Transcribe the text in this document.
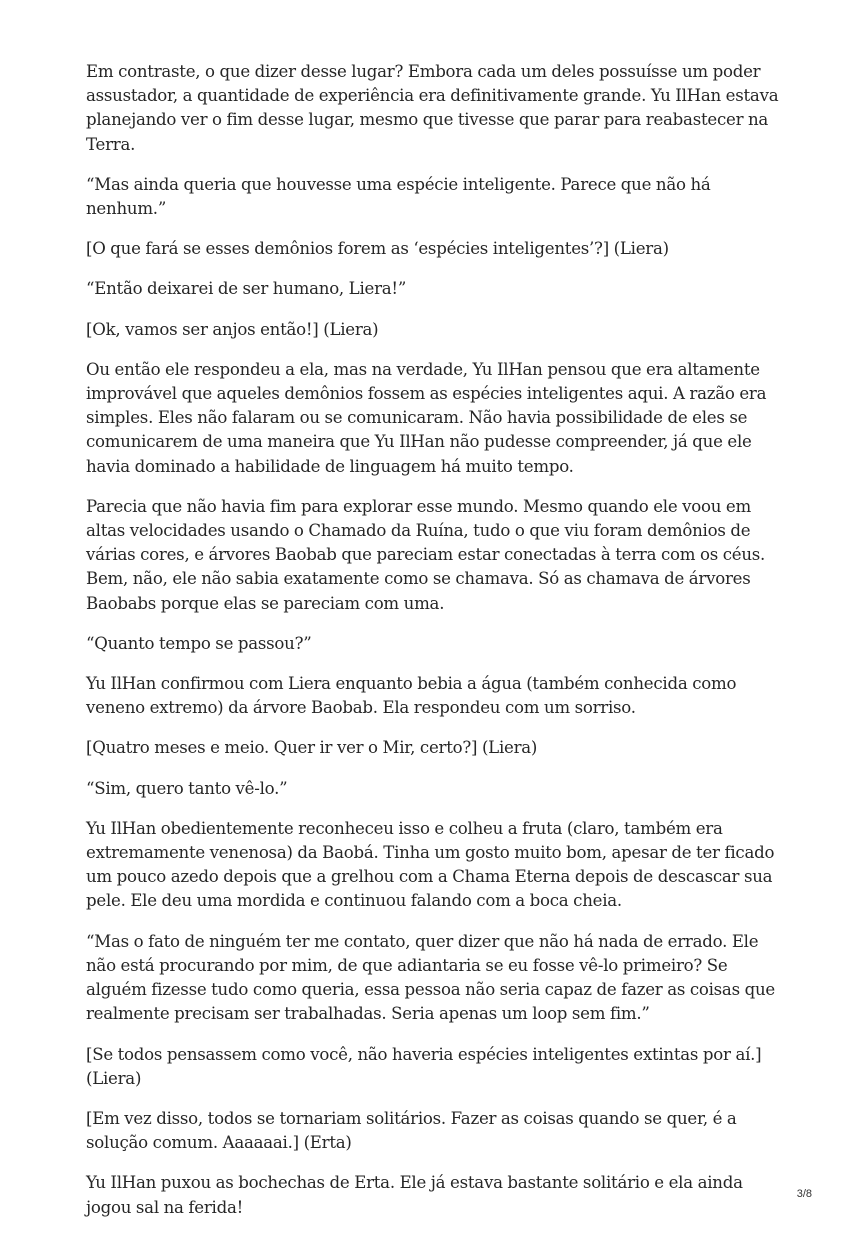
Em contraste, o que dizer desse lugar? Embora cada um deles possuísse um poder assustador, a quantidade de experiência era definitivamente grande. Yu IlHan estava planejando ver o fim desse lugar, mesmo que tivesse que parar para reabastecer na Terra.

“Mas ainda queria que houvesse uma espécie inteligente. Parece que não há nenhum.”

[O que fará se esses demônios forem as ‘espécies inteligentes’?] (Liera)

“Então deixarei de ser humano, Liera!”

[Ok, vamos ser anjos então!] (Liera)

Ou então ele respondeu a ela, mas na verdade, Yu IlHan pensou que era altamente improvável que aqueles demônios fossem as espécies inteligentes aqui. A razão era simples. Eles não falaram ou se comunicaram. Não havia possibilidade de eles se comunicarem de uma maneira que Yu IlHan não pudesse compreender, já que ele havia dominado a habilidade de linguagem há muito tempo.

Parecia que não havia fim para explorar esse mundo. Mesmo quando ele voou em altas velocidades usando o Chamado da Ruína, tudo o que viu foram demônios de várias cores, e árvores Baobab que pareciam estar conectadas à terra com os céus. Bem, não, ele não sabia exatamente como se chamava. Só as chamava de árvores Baobabs porque elas se pareciam com uma.

“Quanto tempo se passou?”

Yu IlHan confirmou com Liera enquanto bebia a água (também conhecida como veneno extremo) da árvore Baobab. Ela respondeu com um sorriso.

[Quatro meses e meio. Quer ir ver o Mir, certo?] (Liera)

“Sim, quero tanto vê-lo.”

Yu IlHan obedientemente reconheceu isso e colheu a fruta (claro, também era extremamente venenosa) da Baobá. Tinha um gosto muito bom, apesar de ter ficado um pouco azedo depois que a grelhou com a Chama Eterna depois de descascar sua pele. Ele deu uma mordida e continuou falando com a boca cheia.

“Mas o fato de ninguém ter me contato, quer dizer que não há nada de errado. Ele não está procurando por mim, de que adiantaria se eu fosse vê-lo primeiro? Se alguém fizesse tudo como queria, essa pessoa não seria capaz de fazer as coisas que realmente precisam ser trabalhadas. Seria apenas um loop sem fim.”

[Se todos pensassem como você, não haveria espécies inteligentes extintas por aí.] (Liera)

[Em vez disso, todos se tornariam solitários. Fazer as coisas quando se quer, é a solução comum. Aaaaaai.] (Erta)

Yu IlHan puxou as bochechas de Erta. Ele já estava bastante solitário e ela ainda jogou sal na ferida!

3/8
